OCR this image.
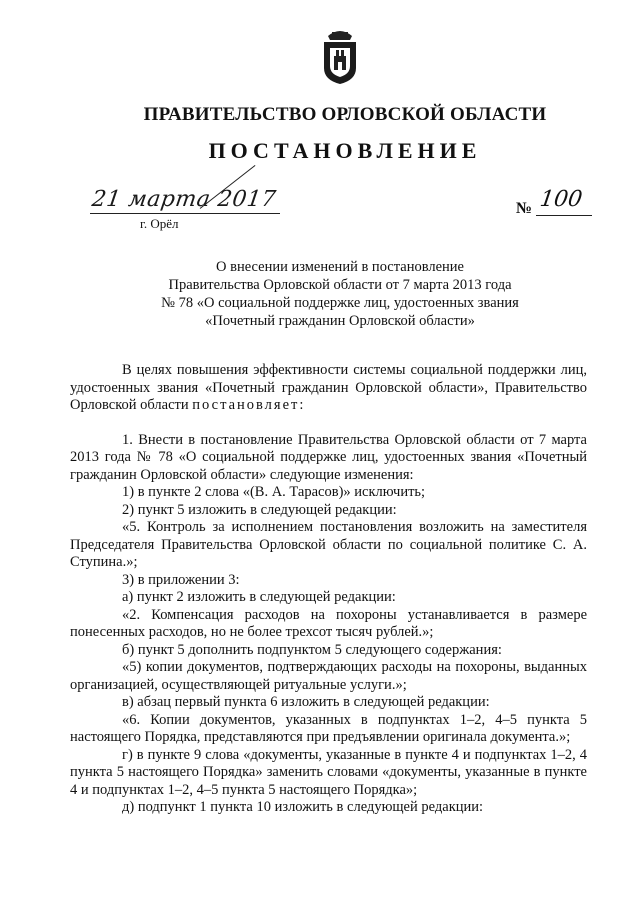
ПРАВИТЕЛЬСТВО ОРЛОВСКОЙ ОБЛАСТИ
ПОСТАНОВЛЕНИЕ
21 марта 2017
г. Орёл
№ 100
О внесении изменений в постановление
Правительства Орловской области от 7 марта 2013 года
№ 78 «О социальной поддержке лиц, удостоенных звания
«Почетный гражданин Орловской области»

В целях повышения эффективности системы социальной поддержки лиц, удостоенных звания «Почетный гражданин Орловской области», Правительство Орловской области постановляет:

1. Внести в постановление Правительства Орловской области от 7 марта 2013 года № 78 «О социальной поддержке лиц, удостоенных звания «Почетный гражданин Орловской области» следующие изменения:

1) в пункте 2 слова «(В. А. Тарасов)» исключить;

2) пункт 5 изложить в следующей редакции:

«5. Контроль за исполнением постановления возложить на заместителя Председателя Правительства Орловской области по социальной политике С. А. Ступина.»;

3) в приложении 3:

а) пункт 2 изложить в следующей редакции:

«2. Компенсация расходов на похороны устанавливается в размере понесенных расходов, но не более трехсот тысяч рублей.»;

б) пункт 5 дополнить подпунктом 5 следующего содержания:

«5) копии документов, подтверждающих расходы на похороны, выданных организацией, осуществляющей ритуальные услуги.»;

в) абзац первый пункта 6 изложить в следующей редакции:

«6. Копии документов, указанных в подпунктах 1–2, 4–5 пункта 5 настоящего Порядка, представляются при предъявлении оригинала документа.»;

г) в пункте 9 слова «документы, указанные в пункте 4 и подпунктах 1–2, 4 пункта 5 настоящего Порядка» заменить словами «документы, указанные в пункте 4 и подпунктах 1–2, 4–5 пункта 5 настоящего Порядка»;

д) подпункт 1 пункта 10 изложить в следующей редакции:
